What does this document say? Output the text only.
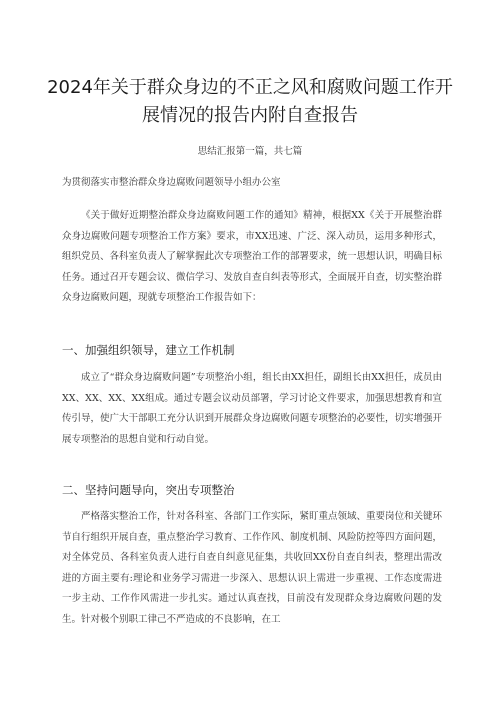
2024年关于群众身边的不正之风和腐败问题工作开展情况的报告内附自查报告
思结汇报第一篇，共七篇
为贯彻落实市整治群众身边腐败问题领导小组办公室

《关于做好近期整治群众身边腐败问题工作的通知》精神，根据XX《关于开展整治群众身边腐败问题专项整治工作方案》要求，市XX迅速、广泛、深入动员，运用多种形式，组织党员、各科室负责人了解掌握此次专项整治工作的部署要求，统一思想认识，明确目标任务。通过召开专题会议、微信学习、发放自查自纠表等形式，全面展开自查，切实整治群众身边腐败问题，现就专项整治工作报告如下：

一、加强组织领导，建立工作机制

成立了“群众身边腐败问题”专项整治小组，组长由XX担任，副组长由XX担任，成员由XX、XX、XX、XX组成。通过专题会议动员部署，学习讨论文件要求，加强思想教育和宣传引导，使广大干部职工充分认识到开展群众身边腐败问题专项整治的必要性，切实增强开展专项整治的思想自觉和行动自觉。

二、坚持问题导向，突出专项整治

严格落实整治工作，针对各科室、各部门工作实际，紧盯重点领域、重要岗位和关键环节自行组织开展自查，重点整治学习教育、工作作风、制度机制、风险防控等四方面问题，对全体党员、各科室负责人进行自查自纠意见征集，共收回XX份自查自纠表，整理出需改进的方面主要有:理论和业务学习需进一步深入、思想认识上需进一步重视、工作态度需进一步主动、工作作风需进一步扎实。通过认真查找，目前没有发现群众身边腐败问题的发生。针对极个别职工律己不严造成的不良影响，在工
